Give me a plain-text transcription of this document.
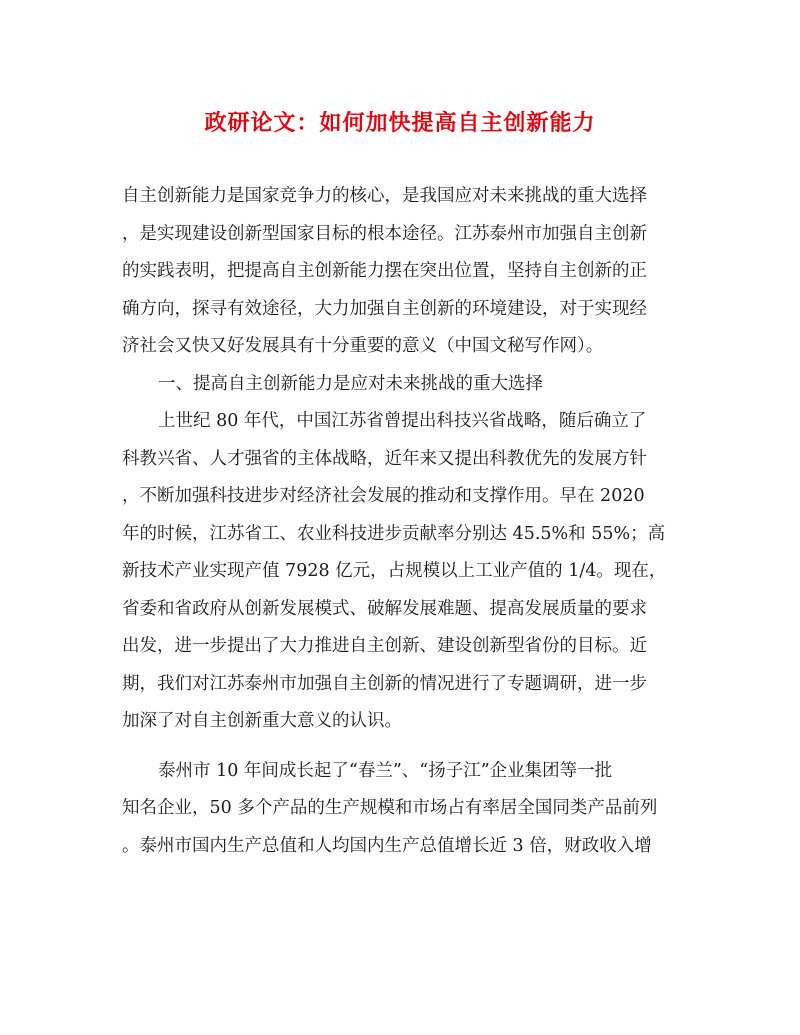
政研论文：如何加快提高自主创新能力
自主创新能力是国家竞争力的核心，是我国应对未来挑战的重大选择
，是实现建设创新型国家目标的根本途径。江苏泰州市加强自主创新
的实践表明，把提高自主创新能力摆在突出位置，坚持自主创新的正
确方向，探寻有效途径，大力加强自主创新的环境建设，对于实现经
济社会又快又好发展具有十分重要的意义（中国文秘写作网）。
一、提高自主创新能力是应对未来挑战的重大选择
上世纪 80 年代，中国江苏省曾提出科技兴省战略，随后确立了
科教兴省、人才强省的主体战略，近年来又提出科教优先的发展方针
，不断加强科技进步对经济社会发展的推动和支撑作用。早在 2020
年的时候，江苏省工、农业科技进步贡献率分别达 45.5%和 55%；高
新技术产业实现产值 7928 亿元，占规模以上工业产值的 1/4。现在，
省委和省政府从创新发展模式、破解发展难题、提高发展质量的要求
出发，进一步提出了大力推进自主创新、建设创新型省份的目标。近
期，我们对江苏泰州市加强自主创新的情况进行了专题调研，进一步
加深了对自主创新重大意义的认识。
泰州市 10 年间成长起了“春兰”、“扬子江”企业集团等一批
知名企业，50 多个产品的生产规模和市场占有率居全国同类产品前列
。泰州市国内生产总值和人均国内生产总值增长近 3 倍，财政收入增
